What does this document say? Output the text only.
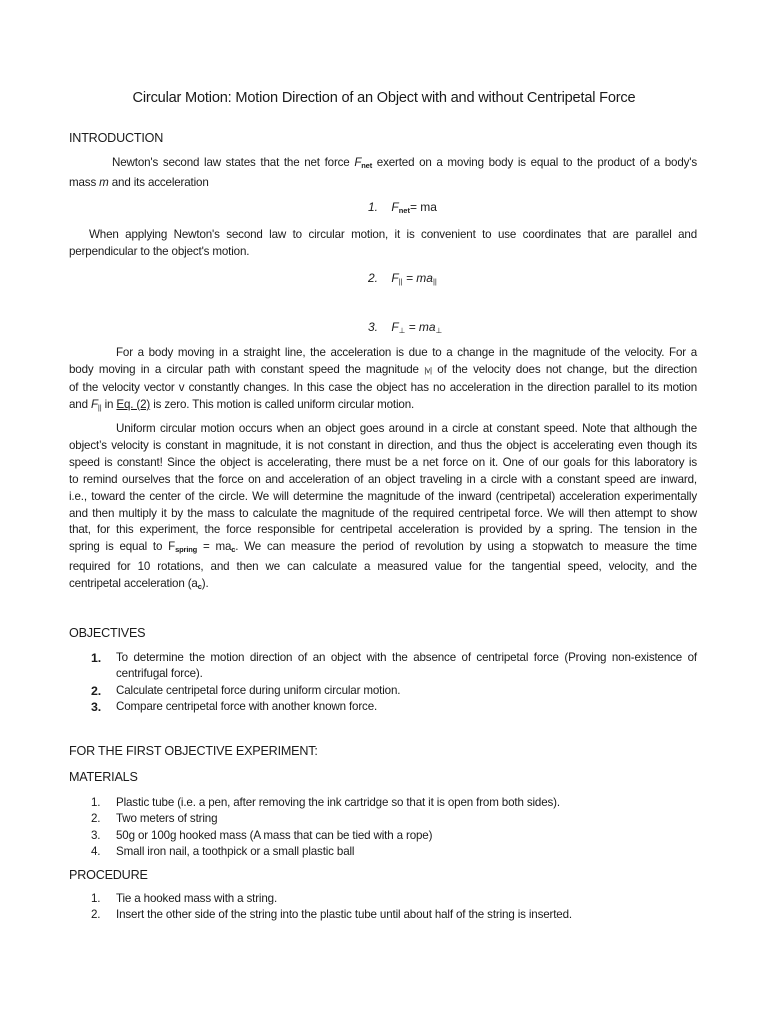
Circular Motion: Motion Direction of an Object with and without Centripetal Force
INTRODUCTION
Newton's second law states that the net force $F_{net}$ exerted on a moving body is equal to the product of a body's
mass m and its acceleration
1. $F_{net}=$ ma
When applying Newton's second law to circular motion, it is convenient to use coordinates that are parallel and
perpendicular to the object's motion.
2. $F_{||} = ma_{||}$
3. $F_\perp = ma_\perp$
For a body moving in a straight line, the acceleration is due to a change in the magnitude of the velocity. For a
body moving in a circular path with constant speed the magnitude |v| of the velocity does not change, but the direction
of the velocity vector v constantly changes. In this case the object has no acceleration in the direction parallel to its motion
and $F_{||}$ in Eq. (2) is zero. This motion is called uniform circular motion.
Uniform circular motion occurs when an object goes around in a circle at constant speed. Note that although the
object’s velocity is constant in magnitude, it is not constant in direction, and thus the object is accelerating even though its
speed is constant! Since the object is accelerating, there must be a net force on it. One of our goals for this laboratory is
to remind ourselves that the force on and acceleration of an object traveling in a circle with a constant speed are inward,
i.e., toward the center of the circle. We will determine the magnitude of the inward (centripetal) acceleration experimentally
and then multiply it by the mass to calculate the magnitude of the required centripetal force. We will then attempt to show
that, for this experiment, the force responsible for centripetal acceleration is provided by a spring. The tension in the
spring is equal to $F_{spring} = ma_c$. We can measure the period of revolution by using a stopwatch to measure the time
required for 10 rotations, and then we can calculate a measured value for the tangential speed, velocity, and the
centripetal acceleration $(a_c)$.
OBJECTIVES
1. To determine the motion direction of an object with the absence of centripetal force (Proving non-existence of
centrifugal force).
2. Calculate centripetal force during uniform circular motion.
3. Compare centripetal force with another known force.
FOR THE FIRST OBJECTIVE EXPERIMENT:
MATERIALS
1. Plastic tube (i.e. a pen, after removing the ink cartridge so that it is open from both sides).
2. Two meters of string
3. 50g or 100g hooked mass (A mass that can be tied with a rope)
4. Small iron nail, a toothpick or a small plastic ball
PROCEDURE
1. Tie a hooked mass with a string.
2. Insert the other side of the string into the plastic tube until about half of the string is inserted.
